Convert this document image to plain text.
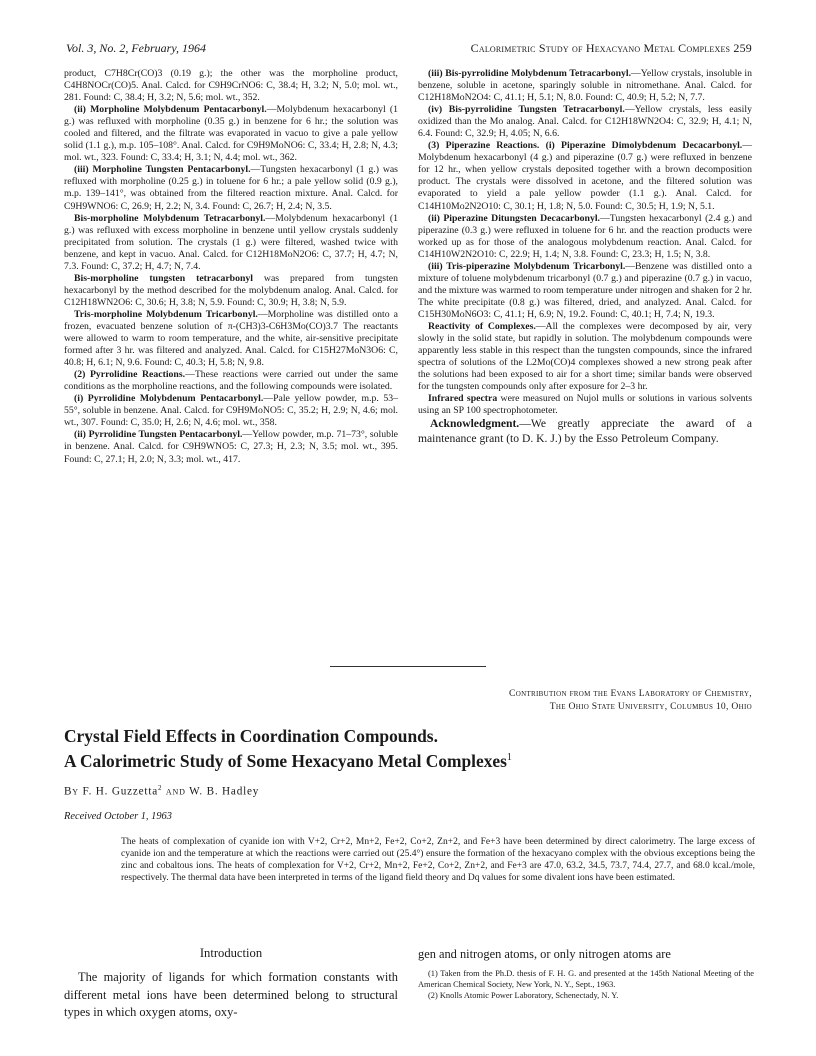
Vol. 3, No. 2, February, 1964	Calorimetric Study of Hexacyano Metal Complexes 259

product, C7H8Cr(CO)3 (0.19 g.); the other was the morpholine product, C4H8NOCr(CO)5. Anal. Calcd. for C9H9CrNO6: C, 38.4; H, 3.2; N, 5.0; mol. wt., 281. Found: C, 38.4; H, 3.2; N, 5.6; mol. wt., 352.

(ii) Morpholine Molybdenum Pentacarbonyl.—Molybdenum hexacarbonyl (1 g.) was refluxed with morpholine (0.35 g.) in benzene for 6 hr.; the solution was cooled and filtered, and the filtrate was evaporated in vacuo to give a pale yellow solid (1.1 g.), m.p. 105–108°. Anal. Calcd. for C9H9MoNO6: C, 33.4; H, 2.8; N, 4.3; mol. wt., 323. Found: C, 33.4; H, 3.1; N, 4.4; mol. wt., 362.

(iii) Morpholine Tungsten Pentacarbonyl.—Tungsten hexacarbonyl (1 g.) was refluxed with morpholine (0.25 g.) in toluene for 6 hr.; a pale yellow solid (0.9 g.), m.p. 139–141°, was obtained from the filtered reaction mixture. Anal. Calcd. for C9H9WNO6: C, 26.9; H, 2.2; N, 3.4. Found: C, 26.7; H, 2.4; N, 3.5.

Bis-morpholine Molybdenum Tetracarbonyl.—Molybdenum hexacarbonyl (1 g.) was refluxed with excess morpholine in benzene until yellow crystals suddenly precipitated from solution. The crystals (1 g.) were filtered, washed twice with benzene, and kept in vacuo. Anal. Calcd. for C12H18MoN2O6: C, 37.7; H, 4.7; N, 7.3. Found: C, 37.2; H, 4.7; N, 7.4.

Bis-morpholine tungsten tetracarbonyl was prepared from tungsten hexacarbonyl by the method described for the molybdenum analog. Anal. Calcd. for C12H18WN2O6: C, 30.6; H, 3.8; N, 5.9. Found: C, 30.9; H, 3.8; N, 5.9.

Tris-morpholine Molybdenum Tricarbonyl.—Morpholine was distilled onto a frozen, evacuated benzene solution of π-(CH3)3-C6H3Mo(CO)3.7 The reactants were allowed to warm to room temperature, and the white, air-sensitive precipitate formed after 3 hr. was filtered and analyzed. Anal. Calcd. for C15H27MoN3O6: C, 40.8; H, 6.1; N, 9.6. Found: C, 40.3; H, 5.8; N, 9.8.

(2) Pyrrolidine Reactions.—These reactions were carried out under the same conditions as the morpholine reactions, and the following compounds were isolated.

(i) Pyrrolidine Molybdenum Pentacarbonyl.—Pale yellow powder, m.p. 53–55°, soluble in benzene. Anal. Calcd. for C9H9MoNO5: C, 35.2; H, 2.9; N, 4.6; mol. wt., 307. Found: C, 35.0; H, 2.6; N, 4.6; mol. wt., 358.

(ii) Pyrrolidine Tungsten Pentacarbonyl.—Yellow powder, m.p. 71–73°, soluble in benzene. Anal. Calcd. for C9H9WNO5: C, 27.3; H, 2.3; N, 3.5; mol. wt., 395. Found: C, 27.1; H, 2.0; N, 3.3; mol. wt., 417.

(iii) Bis-pyrrolidine Molybdenum Tetracarbonyl.—Yellow crystals, insoluble in benzene, soluble in acetone, sparingly soluble in nitromethane. Anal. Calcd. for C12H18MoN2O4: C, 41.1; H, 5.1; N, 8.0. Found: C, 40.9; H, 5.2; N, 7.7.

(iv) Bis-pyrrolidine Tungsten Tetracarbonyl.—Yellow crystals, less easily oxidized than the Mo analog. Anal. Calcd. for C12H18WN2O4: C, 32.9; H, 4.1; N, 6.4. Found: C, 32.9; H, 4.05; N, 6.6.

(3) Piperazine Reactions. (i) Piperazine Dimolybdenum Decacarbonyl.—Molybdenum hexacarbonyl (4 g.) and piperazine (0.7 g.) were refluxed in benzene for 12 hr., when yellow crystals deposited together with a brown decomposition product. The crystals were dissolved in acetone, and the filtered solution was evaporated to yield a pale yellow powder (1.1 g.). Anal. Calcd. for C14H10Mo2N2O10: C, 30.1; H, 1.8; N, 5.0. Found: C, 30.5; H, 1.9; N, 5.1.

(ii) Piperazine Ditungsten Decacarbonyl.—Tungsten hexacarbonyl (2.4 g.) and piperazine (0.3 g.) were refluxed in toluene for 6 hr. and the reaction products were worked up as for those of the analogous molybdenum reaction. Anal. Calcd. for C14H10W2N2O10: C, 22.9; H, 1.4; N, 3.8. Found: C, 23.3; H, 1.5; N, 3.8.

(iii) Tris-piperazine Molybdenum Tricarbonyl.—Benzene was distilled onto a mixture of toluene molybdenum tricarbonyl (0.7 g.) and piperazine (0.7 g.) in vacuo, and the mixture was warmed to room temperature under nitrogen and shaken for 2 hr. The white precipitate (0.8 g.) was filtered, dried, and analyzed. Anal. Calcd. for C15H30MoN6O3: C, 41.1; H, 6.9; N, 19.2. Found: C, 40.1; H, 7.4; N, 19.3.

Reactivity of Complexes.—All the complexes were decomposed by air, very slowly in the solid state, but rapidly in solution. The molybdenum compounds were apparently less stable in this respect than the tungsten compounds, since the infrared spectra of solutions of the L2Mo(CO)4 complexes showed a new strong peak after the solutions had been exposed to air for a short time; similar bands were observed for the tungsten compounds only after exposure for 2–3 hr.

Infrared spectra were measured on Nujol mulls or solutions in various solvents using an SP 100 spectrophotometer.

Acknowledgment.—We greatly appreciate the award of a maintenance grant (to D. K. J.) by the Esso Petroleum Company.

Contribution from the Evans Laboratory of Chemistry,
The Ohio State University, Columbus 10, Ohio
Crystal Field Effects in Coordination Compounds.
A Calorimetric Study of Some Hexacyano Metal Complexes$^1$
By F. H. Guzzetta$^2$ and W. B. Hadley
Received October 1, 1963
The heats of complexation of cyanide ion with V+2, Cr+2, Mn+2, Fe+2, Co+2, Zn+2, and Fe+3 have been determined by direct calorimetry. The large excess of cyanide ion and the temperature at which the reactions were carried out (25.4°) ensure the formation of the hexacyano complex with the obvious exceptions being the zinc and cobaltous ions. The heats of complexation for V+2, Cr+2, Mn+2, Fe+2, Co+2, Zn+2, and Fe+3 are 47.0, 63.2, 34.5, 73.7, 74.4, 27.7, and 68.0 kcal./mole, respectively. The thermal data have been interpreted in terms of the ligand field theory and Dq values for some divalent ions have been estimated.
Introduction
The majority of ligands for which formation constants with different metal ions have been determined belong to structural types in which oxygen atoms, oxy-
gen and nitrogen atoms, or only nitrogen atoms are

(1) Taken from the Ph.D. thesis of F. H. G. and presented at the 145th National Meeting of the American Chemical Society, New York, N. Y., Sept., 1963.

(2) Knolls Atomic Power Laboratory, Schenectady, N. Y.
